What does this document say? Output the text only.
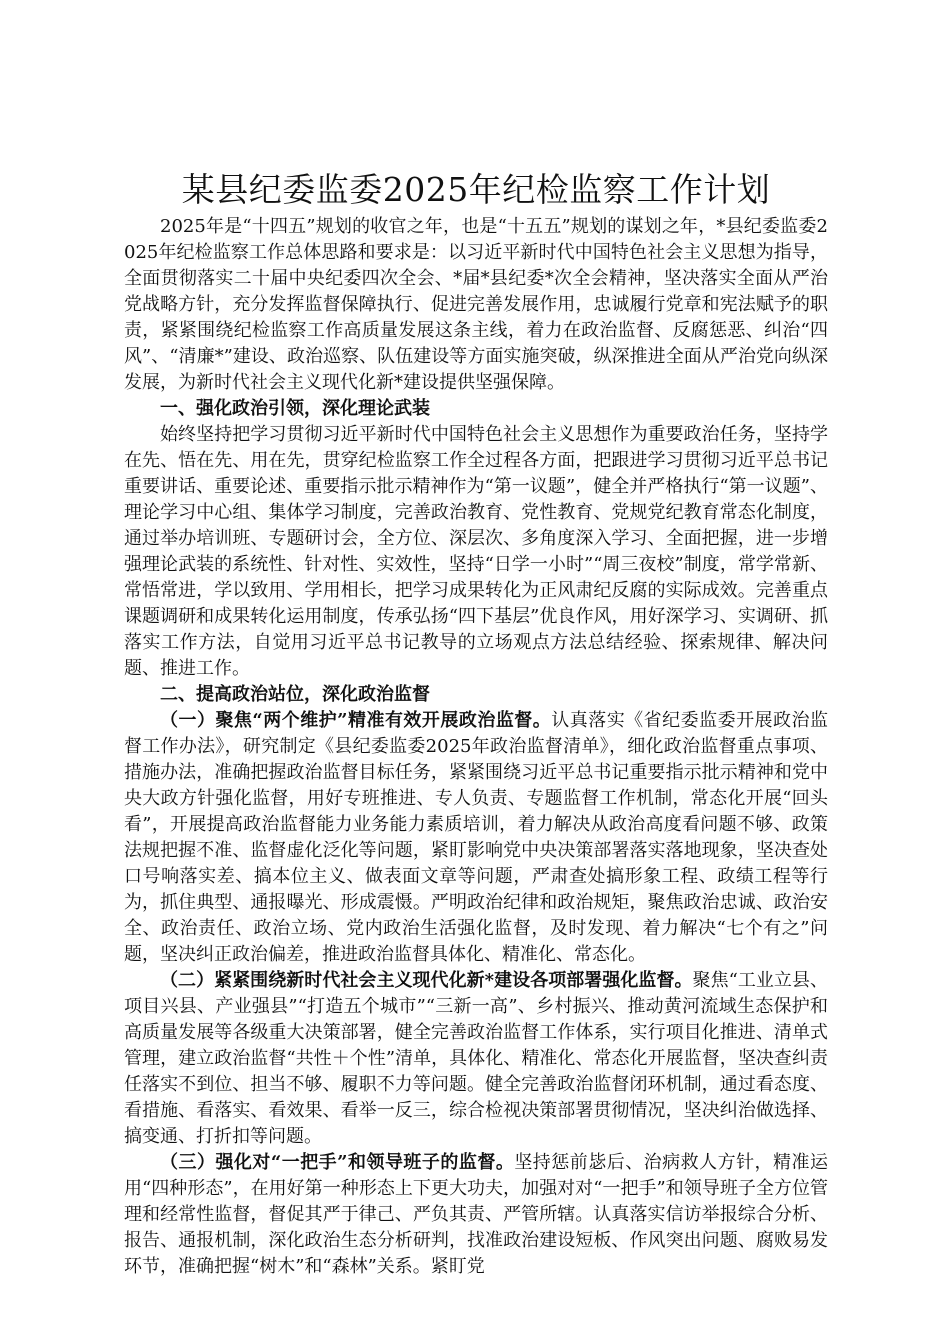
某县纪委监委2025年纪检监察工作计划

2025年是“十四五”规划的收官之年，也是“十五五”规划的谋划之年，*县纪委监委2025年纪检监察工作总体思路和要求是：以习近平新时代中国特色社会主义思想为指导，全面贯彻落实二十届中央纪委四次全会、*届*县纪委*次全会精神，坚决落实全面从严治党战略方针，充分发挥监督保障执行、促进完善发展作用，忠诚履行党章和宪法赋予的职责，紧紧围绕纪检监察工作高质量发展这条主线，着力在政治监督、反腐惩恶、纠治“四风”、“清廉*”建设、政治巡察、队伍建设等方面实施突破，纵深推进全面从严治党向纵深发展，为新时代社会主义现代化新*建设提供坚强保障。

一、强化政治引领，深化理论武装

始终坚持把学习贯彻习近平新时代中国特色社会主义思想作为重要政治任务，坚持学在先、悟在先、用在先，贯穿纪检监察工作全过程各方面，把跟进学习贯彻习近平总书记重要讲话、重要论述、重要指示批示精神作为“第一议题”，健全并严格执行“第一议题”、理论学习中心组、集体学习制度，完善政治教育、党性教育、党规党纪教育常态化制度，通过举办培训班、专题研讨会，全方位、深层次、多角度深入学习、全面把握，进一步增强理论武装的系统性、针对性、实效性，坚持“日学一小时”“周三夜校”制度，常学常新、常悟常进，学以致用、学用相长，把学习成果转化为正风肃纪反腐的实际成效。完善重点课题调研和成果转化运用制度，传承弘扬“四下基层”优良作风，用好深学习、实调研、抓落实工作方法，自觉用习近平总书记教导的立场观点方法总结经验、探索规律、解决问题、推进工作。

二、提高政治站位，深化政治监督

（一）聚焦“两个维护”精准有效开展政治监督。认真落实《省纪委监委开展政治监督工作办法》，研究制定《县纪委监委2025年政治监督清单》，细化政治监督重点事项、措施办法，准确把握政治监督目标任务，紧紧围绕习近平总书记重要指示批示精神和党中央大政方针强化监督，用好专班推进、专人负责、专题监督工作机制，常态化开展“回头看”，开展提高政治监督能力业务能力素质培训，着力解决从政治高度看问题不够、政策法规把握不准、监督虚化泛化等问题，紧盯影响党中央决策部署落实落地现象，坚决查处口号响落实差、搞本位主义、做表面文章等问题，严肃查处搞形象工程、政绩工程等行为，抓住典型、通报曝光、形成震慑。严明政治纪律和政治规矩，聚焦政治忠诚、政治安全、政治责任、政治立场、党内政治生活强化监督，及时发现、着力解决“七个有之”问题，坚决纠正政治偏差，推进政治监督具体化、精准化、常态化。

（二）紧紧围绕新时代社会主义现代化新*建设各项部署强化监督。聚焦“工业立县、项目兴县、产业强县”“打造五个城市”“三新一高”、乡村振兴、推动黄河流域生态保护和高质量发展等各级重大决策部署，健全完善政治监督工作体系，实行项目化推进、清单式管理，建立政治监督“共性＋个性”清单，具体化、精准化、常态化开展监督，坚决查纠责任落实不到位、担当不够、履职不力等问题。健全完善政治监督闭环机制，通过看态度、看措施、看落实、看效果、看举一反三，综合检视决策部署贯彻情况，坚决纠治做选择、搞变通、打折扣等问题。

（三）强化对“一把手”和领导班子的监督。坚持惩前毖后、治病救人方针，精准运用“四种形态”，在用好第一种形态上下更大功夫，加强对对“一把手”和领导班子全方位管理和经常性监督，督促其严于律己、严负其责、严管所辖。认真落实信访举报综合分析、报告、通报机制，深化政治生态分析研判，找准政治建设短板、作风突出问题、腐败易发环节，准确把握“树木”和“森林”关系。紧盯党
